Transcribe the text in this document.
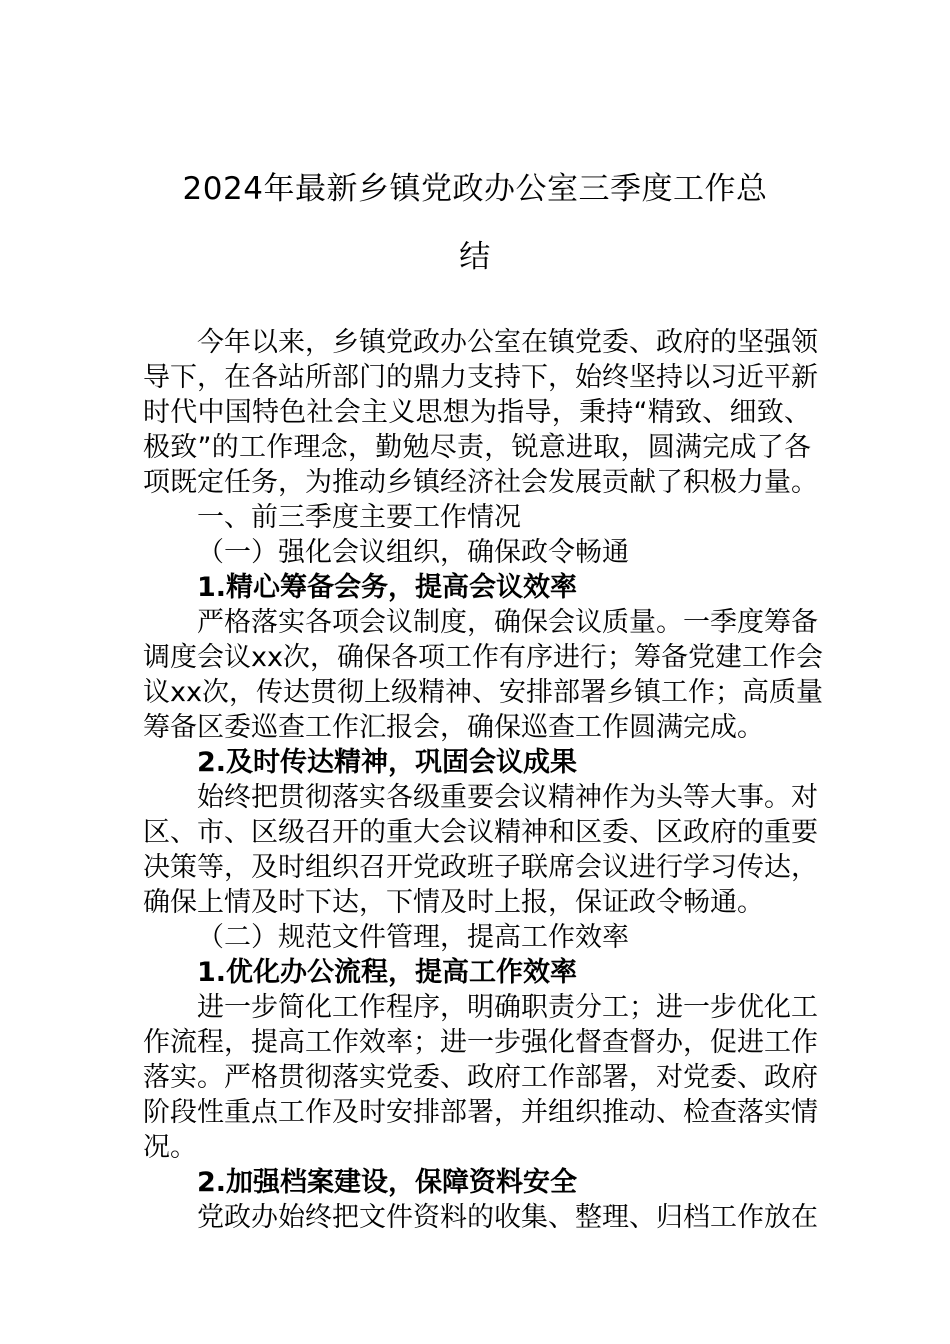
2024年最新乡镇党政办公室三季度工作总
结
今年以来，乡镇党政办公室在镇党委、政府的坚强领
导下，在各站所部门的鼎力支持下，始终坚持以习近平新
时代中国特色社会主义思想为指导，秉持“精致、细致、
极致”的工作理念，勤勉尽责，锐意进取，圆满完成了各
项既定任务，为推动乡镇经济社会发展贡献了积极力量。
一、前三季度主要工作情况
（一）强化会议组织，确保政令畅通
1.精心筹备会务，提高会议效率
严格落实各项会议制度，确保会议质量。一季度筹备
调度会议xx次，确保各项工作有序进行；筹备党建工作会
议xx次，传达贯彻上级精神、安排部署乡镇工作；高质量
筹备区委巡查工作汇报会，确保巡查工作圆满完成。
2.及时传达精神，巩固会议成果
始终把贯彻落实各级重要会议精神作为头等大事。对
区、市、区级召开的重大会议精神和区委、区政府的重要
决策等，及时组织召开党政班子联席会议进行学习传达，
确保上情及时下达，下情及时上报，保证政令畅通。
（二）规范文件管理，提高工作效率
1.优化办公流程，提高工作效率
进一步简化工作程序，明确职责分工；进一步优化工
作流程，提高工作效率；进一步强化督查督办，促进工作
落实。严格贯彻落实党委、政府工作部署，对党委、政府
阶段性重点工作及时安排部署，并组织推动、检查落实情
况。
2.加强档案建设，保障资料安全
党政办始终把文件资料的收集、整理、归档工作放在
